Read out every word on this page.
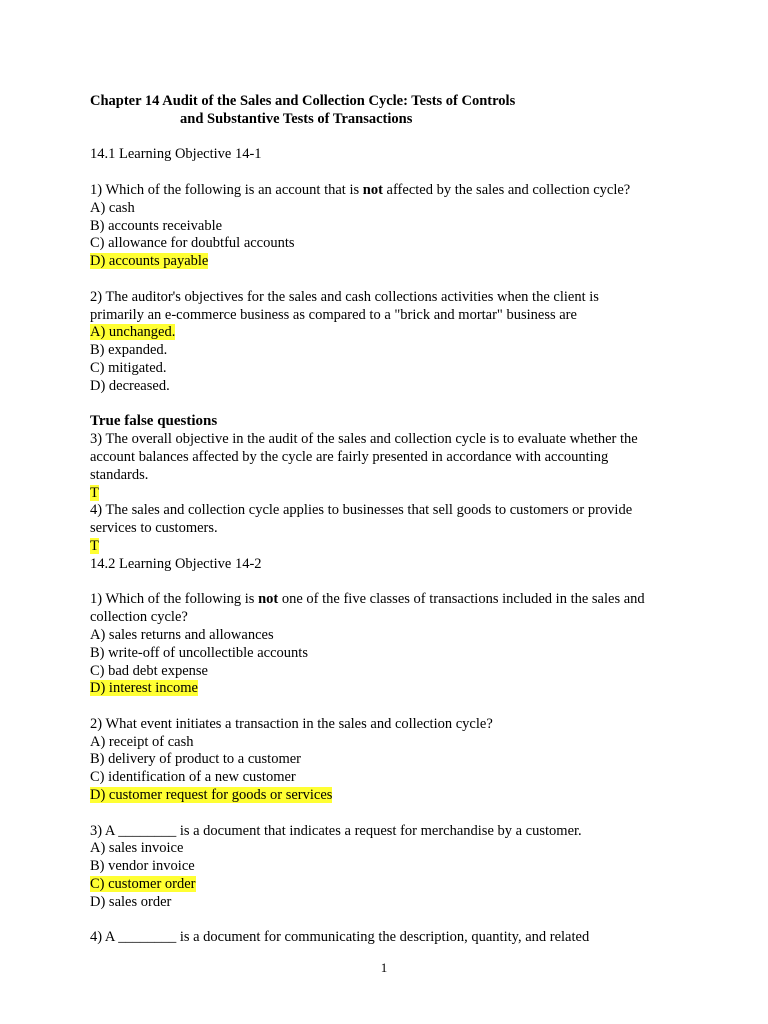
Chapter 14 Audit of the Sales and Collection Cycle: Tests of Controls
and Substantive Tests of Transactions
14.1 Learning Objective 14-1
1) Which of the following is an account that is not affected by the sales and collection cycle?
A) cash
B) accounts receivable
C) allowance for doubtful accounts
D) accounts payable
2) The auditor's objectives for the sales and cash collections activities when the client is
primarily an e-commerce business as compared to a "brick and mortar" business are
A) unchanged.
B) expanded.
C) mitigated.
D) decreased.
True false questions
3) The overall objective in the audit of the sales and collection cycle is to evaluate whether the
account balances affected by the cycle are fairly presented in accordance with accounting
standards.
T
4) The sales and collection cycle applies to businesses that sell goods to customers or provide
services to customers.
T
14.2 Learning Objective 14-2
1) Which of the following is not one of the five classes of transactions included in the sales and
collection cycle?
A) sales returns and allowances
B) write-off of uncollectible accounts
C) bad debt expense
D) interest income
2) What event initiates a transaction in the sales and collection cycle?
A) receipt of cash
B) delivery of product to a customer
C) identification of a new customer
D) customer request for goods or services
3) A ________ is a document that indicates a request for merchandise by a customer.
A) sales invoice
B) vendor invoice
C) customer order
D) sales order
4) A ________ is a document for communicating the description, quantity, and related
1
